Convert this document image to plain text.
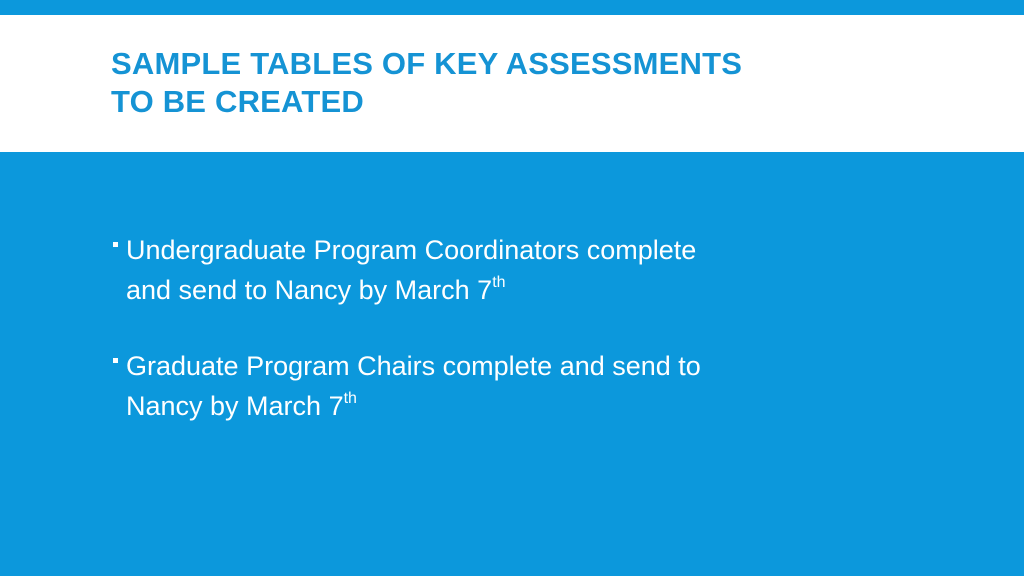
SAMPLE TABLES OF KEY ASSESSMENTS
TO BE CREATED
Undergraduate Program Coordinators complete
and send to Nancy by March 7th
Graduate Program Chairs complete and send to
Nancy by March 7th
